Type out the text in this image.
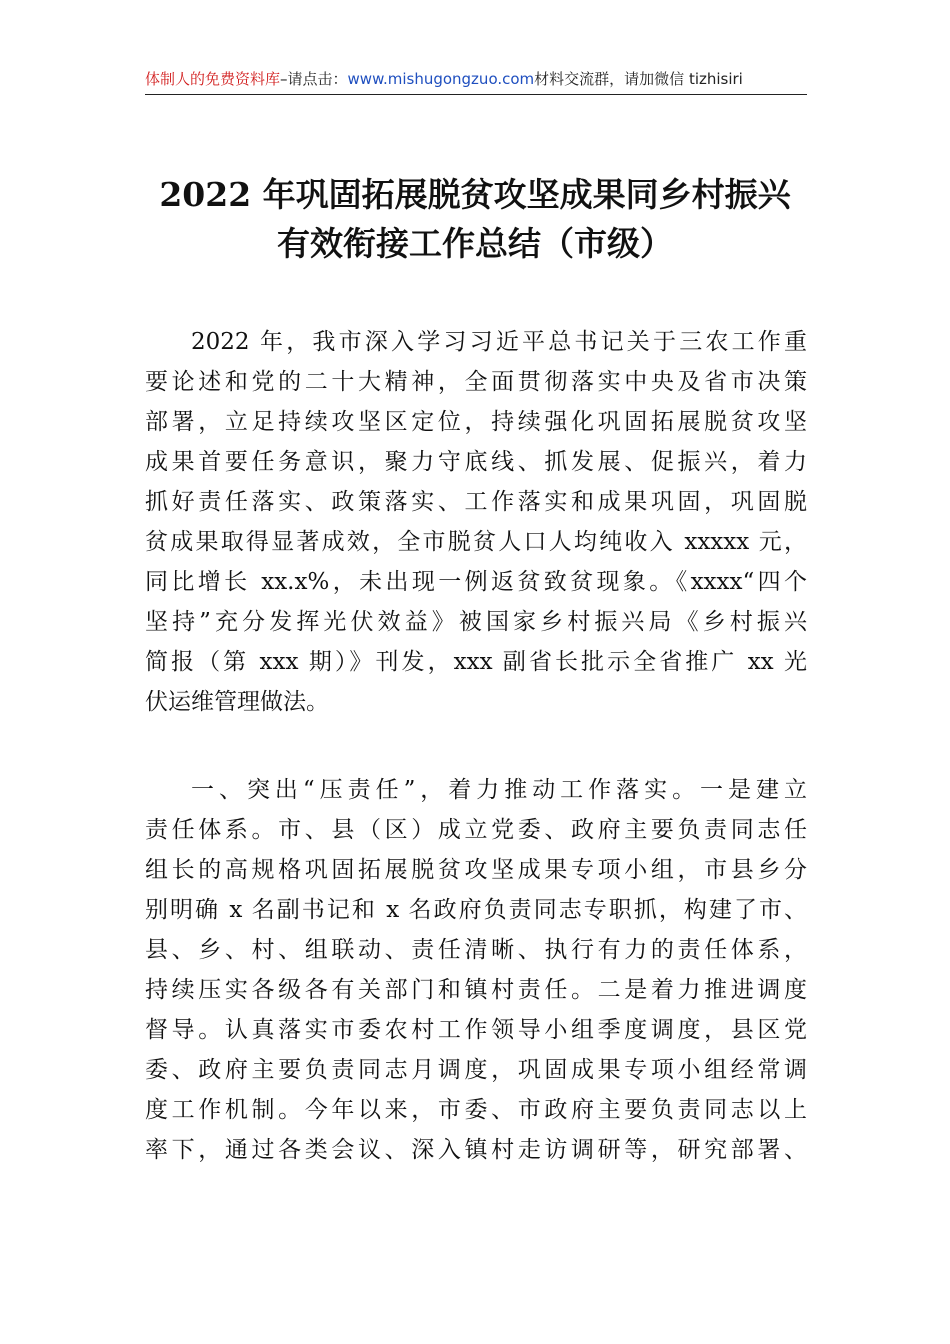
体制人的免费资料库–请点击：www.mishugongzuo.com材料交流群，请加微信 tizhisiri
2022 年巩固拓展脱贫攻坚成果同乡村振兴
有效衔接工作总结（市级）
2022 年，我市深入学习习近平总书记关于三农工作重
要论述和党的二十大精神，全面贯彻落实中央及省市决策
部署，立足持续攻坚区定位，持续强化巩固拓展脱贫攻坚
成果首要任务意识，聚力守底线、抓发展、促振兴，着力
抓好责任落实、政策落实、工作落实和成果巩固，巩固脱
贫成果取得显著成效，全市脱贫人口人均纯收入 xxxxx 元，
同比增长 xx.x%，未出现一例返贫致贫现象。《xxxx“四个
坚持”充分发挥光伏效益》被国家乡村振兴局《乡村振兴
简报（第 xxx 期）》刊发，xxx 副省长批示全省推广 xx 光
伏运维管理做法。
一、突出“压责任”，着力推动工作落实。一是建立
责任体系。市、县（区）成立党委、政府主要负责同志任
组长的高规格巩固拓展脱贫攻坚成果专项小组，市县乡分
别明确 x 名副书记和 x 名政府负责同志专职抓，构建了市、
县、乡、村、组联动、责任清晰、执行有力的责任体系，
持续压实各级各有关部门和镇村责任。二是着力推进调度
督导。认真落实市委农村工作领导小组季度调度，县区党
委、政府主要负责同志月调度，巩固成果专项小组经常调
度工作机制。今年以来，市委、市政府主要负责同志以上
率下，通过各类会议、深入镇村走访调研等，研究部署、
